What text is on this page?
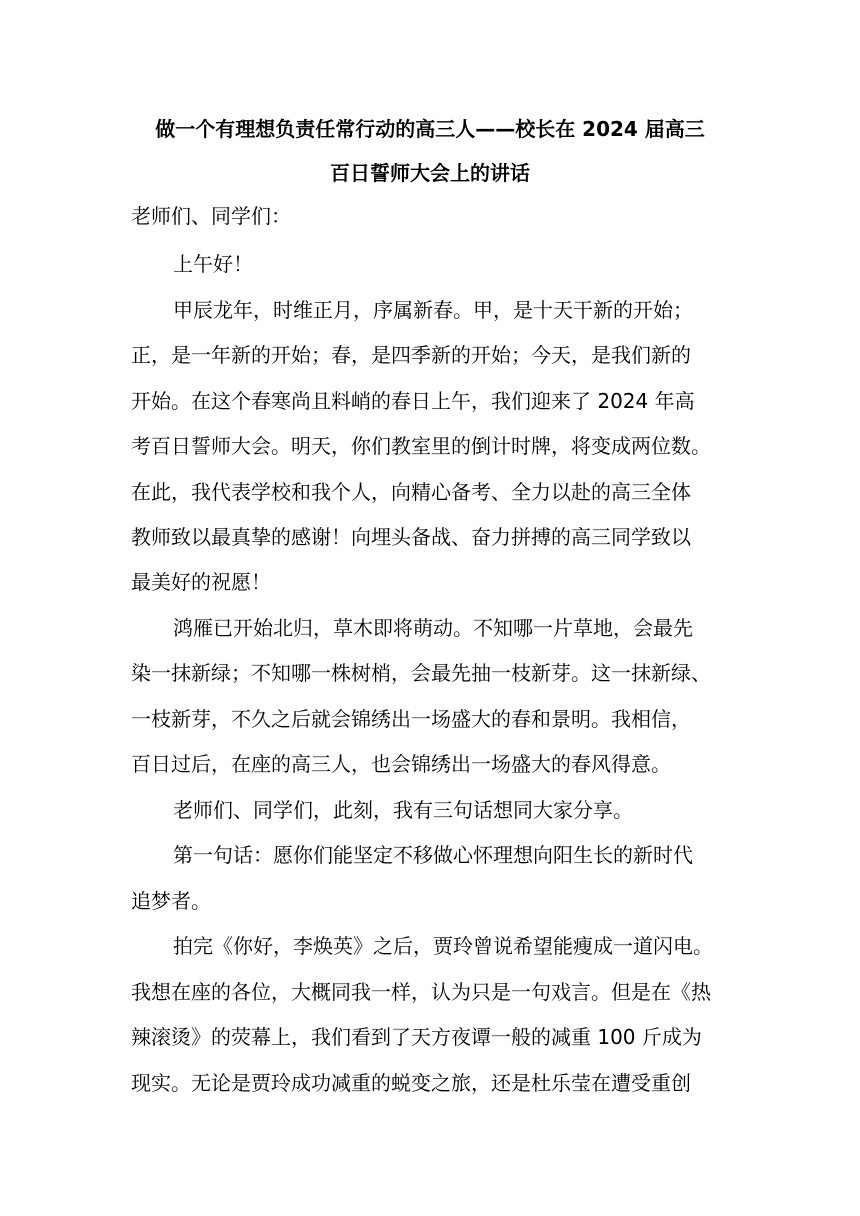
做一个有理想负责任常行动的高三人——校长在 2024 届高三
百日誓师大会上的讲话
老师们、同学们：
上午好！
甲辰龙年，时维正月，序属新春。甲，是十天干新的开始；
正，是一年新的开始；春，是四季新的开始；今天，是我们新的
开始。在这个春寒尚且料峭的春日上午，我们迎来了 2024 年高
考百日誓师大会。明天，你们教室里的倒计时牌，将变成两位数。
在此，我代表学校和我个人，向精心备考、全力以赴的高三全体
教师致以最真挚的感谢！向埋头备战、奋力拼搏的高三同学致以
最美好的祝愿！
鸿雁已开始北归，草木即将萌动。不知哪一片草地，会最先
染一抹新绿；不知哪一株树梢，会最先抽一枝新芽。这一抹新绿、
一枝新芽，不久之后就会锦绣出一场盛大的春和景明。我相信，
百日过后，在座的高三人，也会锦绣出一场盛大的春风得意。
老师们、同学们，此刻，我有三句话想同大家分享。
第一句话：愿你们能坚定不移做心怀理想向阳生长的新时代
追梦者。
拍完《你好，李焕英》之后，贾玲曾说希望能瘦成一道闪电。
我想在座的各位，大概同我一样，认为只是一句戏言。但是在《热
辣滚烫》的荧幕上，我们看到了天方夜谭一般的减重 100 斤成为
现实。无论是贾玲成功减重的蜕变之旅，还是杜乐莹在遭受重创
